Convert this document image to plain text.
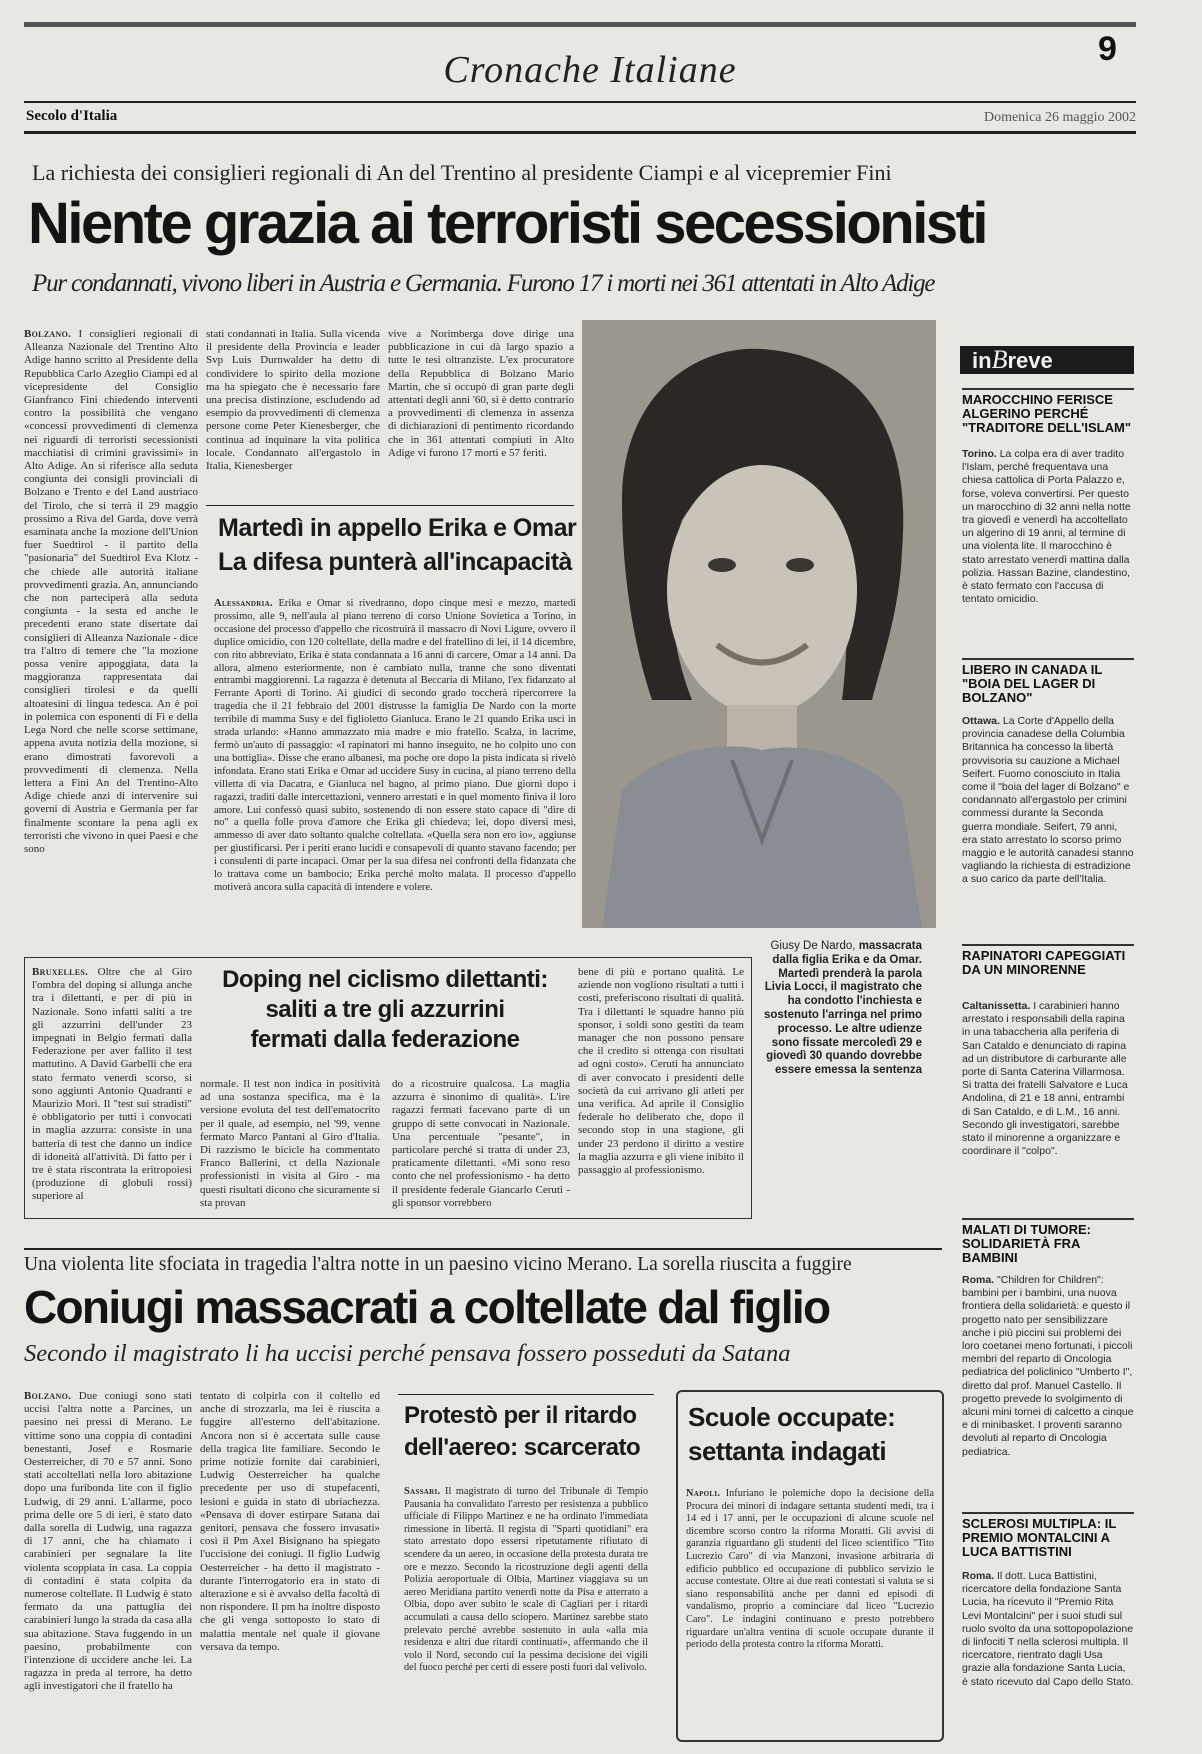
9
Cronache Italiane
Secolo d'Italia	Domenica 26 maggio 2002
La richiesta dei consiglieri regionali di An del Trentino al presidente Ciampi e al vicepremier Fini
Niente grazia ai terroristi secessionisti
Pur condannati, vivono liberi in Austria e Germania. Furono 17 i morti nei 361 attentati in Alto Adige
Bolzano. I consiglieri regionali di Alleanza Nazionale del Trentino Alto Adige hanno scritto al Presidente della Repubblica Carlo Azeglio Ciampi ed al vicepresidente del Consiglio Gianfranco Fini chiedendo interventi contro la possibilità che vengano «concessi provvedimenti di clemenza nei riguardi di terroristi secessionisti macchiatisi di crimini gravissimi» in Alto Adige. An si riferisce alla seduta congiunta dei consigli provinciali di Bolzano e Trento e del Land austriaco del Tirolo, che si terrà il 29 maggio prossimo a Riva del Garda, dove verrà esaminata anche la mozione dell'Union fuer Suedtirol - il partito della "pasionaria" del Suedtirol Eva Klotz - che chiede alle autorità italiane provvedimenti grazia. An, annunciando che non parteciperà alla seduta congiunta - la sesta ed anche le precedenti erano state disertate dai consiglieri di Alleanza Nazionale - dice tra l'altro di temere che "la mozione possa venire appoggiata, data la maggioranza rappresentata dai consiglieri tirolesi e da quelli altoatesini di lingua tedesca. An è poi in polemica con esponenti di Fi e della Lega Nord che nelle scorse settimane, appena avuta notizia della mozione, si erano dimostrati favorevoli a provvedimenti di clemenza. Nella lettera a Fini An del Trentino-Alto Adige chiede anzi di intervenire sui governi di Austria e Germania per far finalmente scontare la pena agli ex terroristi che vivono in quei Paesi e che sono
stati condannati in Italia. Sulla vicenda il presidente della Provincia e leader Svp Luis Durnwalder ha detto di condividere lo spirito della mozione ma ha spiegato che è necessario fare una precisa distinzione, escludendo ad esempio da provvedimenti di clemenza persone come Peter Kienesberger, che continua ad inquinare la vita politica locale. Condannato all'ergastolo in Italia, Kienesberger
vive a Norimberga dove dirige una pubblicazione in cui dà largo spazio a tutte le tesi oltranziste. L'ex procuratore della Repubblica di Bolzano Mario Martin, che si occupò di gran parte degli attentati degli anni '60, si è detto contrario a provvedimenti di clemenza in assenza di dichiarazioni di pentimento ricordando che in 361 attentati compiuti in Alto Adige vi furono 17 morti e 57 feriti.
Martedì in appello Erika e Omar
La difesa punterà all'incapacità
Alessandria. Erika e Omar si rivedranno, dopo cinque mesi e mezzo, martedì prossimo, alle 9, nell'aula al piano terreno di corso Unione Sovietica a Torino, in occasione del processo d'appello che ricostruirà il massacro di Novi Ligure, ovvero il duplice omicidio, con 120 coltellate, della madre e del fratellino di lei, il 14 dicembre, con rito abbreviato, Erika è stata condannata a 16 anni di carcere, Omar a 14 anni. Da allora, almeno esteriormente, non è cambiato nulla, tranne che sono diventati entrambi maggiorenni. La ragazza è detenuta al Beccaria di Milano, l'ex fidanzato al Ferrante Aporti di Torino. Ai giudici di secondo grado toccherà ripercorrere la tragedia che il 21 febbraio del 2001 distrusse la famiglia De Nardo con la morte terribile di mamma Susy e del figlioletto Gianluca. Erano le 21 quando Erika uscì in strada urlando: «Hanno ammazzato mia madre e mio fratello. Scalza, in lacrime, fermò un'auto di passaggio: «I rapinatori mi hanno inseguito, ne ho colpito uno con una bottiglia». Disse che erano albanesi, ma poche ore dopo la pista indicata si rivelò infondata. Erano stati Erika e Omar ad uccidere Susy in cucina, al piano terreno della villetta di via Dacatra, e Gianluca nel bagno, al primo piano. Due giorni dopo i ragazzi, traditi dalle intercettazioni, vennero arrestati e in quel momento finiva il loro amore. Lui confessò quasi subito, sostenendo di non essere stato capace di "dire di no" a quella folle prova d'amore che Erika gli chiedeva; lei, dopo diversi mesi, ammesso di aver dato soltanto qualche coltellata. «Quella sera non ero io», aggiunse per giustificarsi. Per i periti erano lucidi e consapevoli di quanto stavano facendo; per i consulenti di parte incapaci. Omar per la sua difesa nei confronti della fidanzata che lo trattava come un bambocio; Erika perché molto malata. Il processo d'appello motiverà ancora sulla capacità di intendere e volere.
inBreve
MAROCCHINO FERISCE ALGERINO PERCHÉ "TRADITORE DELL'ISLAM"
Torino. La colpa era di aver tradito l'Islam, perché frequentava una chiesa cattolica di Porta Palazzo e, forse, voleva convertirsi. Per questo un marocchino di 32 anni nella notte tra giovedì e venerdì ha accoltellato un algerino di 19 anni, al termine di una violenta lite. Il marocchino è stato arrestato venerdì mattina dalla polizia. Hassan Bazine, clandestino, è stato fermato con l'accusa di tentato omicidio.
LIBERO IN CANADA IL "BOIA DEL LAGER DI BOLZANO"
Ottawa. La Corte d'Appello della provincia canadese della Columbia Britannica ha concesso la libertà provvisoria su cauzione a Michael Seifert. Fuomo conosciuto in Italia come il "boia del lager di Bolzano" e condannato all'ergastolo per crimini commessi durante la Seconda guerra mondiale. Seifert, 79 anni, era stato arrestato lo scorso primo maggio e le autorità canadesi stanno vagliando la richiesta di estradizione a suo carico da parte dell'Italia.
RAPINATORI CAPEGGIATI DA UN MINORENNE
Caltanissetta. I carabinieri hanno arrestato i responsabili della rapina in una tabaccheria alla periferia di San Cataldo e denunciato di rapina ad un distributore di carburante alle porte di Santa Caterina Villarmosa. Si tratta dei fratelli Salvatore e Luca Andolina, di 21 e 18 anni, entrambi di San Cataldo, e di L.M., 16 anni. Secondo gli investigatori, sarebbe stato il minorenne a organizzare e coordinare il "colpo".
MALATI DI TUMORE: SOLIDARIETÀ FRA BAMBINI
Roma. "Children for Children": bambini per i bambini, una nuova frontiera della solidarietà: e questo il progetto nato per sensibilizzare anche i più piccini sui problemi dei loro coetanei meno fortunati, i piccoli membri del reparto di Oncologia pediatrica del policlinico "Umberto I", diretto dal prof. Manuel Castello. Il progetto prevede lo svolgimento di alcuni mini tornei di calcetto a cinque e di minibasket. I proventi saranno devoluti al reparto di Oncologia pediatrica.
SCLEROSI MULTIPLA: IL PREMIO MONTALCINI A LUCA BATTISTINI
Roma. Il dott. Luca Battistini, ricercatore della fondazione Santa Lucia, ha ricevuto il "Premio Rita Levi Montalcini" per i suoi studi sul ruolo svolto da una sottopopolazione di linfociti T nella sclerosi multipla. Il ricercatore, rientrato dagli Usa grazie alla fondazione Santa Lucia, è stato ricevuto dal Capo dello Stato.
Bruxelles. Oltre che al Giro l'ombra del doping si allunga anche tra i dilettanti, e per di più in Nazionale. Sono infatti saliti a tre gli azzurrini dell'under 23 impegnati in Belgio fermati dalla Federazione per aver fallito il test mattutino. A David Garbelli che era stato fermato venerdì scorso, si sono aggiunti Antonio Quadranti e Maurizio Mori. Il "test sui stradisti" è obbligatorio per tutti i convocati in maglia azzurra: consiste in una batteria di test che danno un indice di idoneità all'attività. Di fatto per i tre è stata riscontrata la eritropoiesi (produzione di globuli rossi) superiore al
Doping nel ciclismo dilettanti:
saliti a tre gli azzurrini
fermati dalla federazione
normale. Il test non indica in positività ad una sostanza specifica, ma è la versione evoluta del test dell'ematocrito per il quale, ad esempio, nel '99, venne fermato Marco Pantani al Giro d'Italia. Di razzismo le bicicle ha commentato Franco Ballerini, ct della Nazionale professionisti in visita al Giro - ma questi risultati dicono che sicuramente si sta provan
do a ricostruire qualcosa. La maglia azzurra è sinonimo di qualità». L'ire ragazzi fermati facevano parte di un gruppo di sette convocati in Nazionale. Una percentuale "pesante", in particolare perché si tratta di under 23, praticamente dilettanti. «Mi sono reso conto che nel professionismo - ha detto il presidente federale Giancarlo Ceruti - gli sponsor vorrebbero
bene di più e portano qualità. Le aziende non vogliono risultati a tutti i costi, preferiscono risultati di qualità. Tra i dilettanti le squadre hanno più sponsor, i soldi sono gestiti da team manager che non possono pensare che il credito si ottenga con risultati ad ogni costo». Ceruti ha annunciato di aver convocato i presidenti delle società da cui arrivano gli atleti per una verifica. Ad aprile il Consiglio federale ho deliberato che, dopo il secondo stop in una stagione, gli under 23 perdono il diritto a vestire la maglia azzurra e gli viene inibito il passaggio al professionismo.
Giusy De Nardo, massacrata dalla figlia Erika e da Omar. Martedì prenderà la parola Livia Locci, il magistrato che ha condotto l'inchiesta e sostenuto l'arringa nel primo processo. Le altre udienze sono fissate mercoledì 29 e giovedì 30 quando dovrebbe essere emessa la sentenza
Una violenta lite sfociata in tragedia l'altra notte in un paesino vicino Merano. La sorella riuscita a fuggire
Coniugi massacrati a coltellate dal figlio
Secondo il magistrato li ha uccisi perché pensava fossero posseduti da Satana
Bolzano. Due coniugi sono stati uccisi l'altra notte a Parcines, un paesino nei pressi di Merano. Le vittime sono una coppia di contadini benestanti, Josef e Rosmarie Oesterreicher, di 70 e 57 anni. Sono stati accoltellati nella loro abitazione dopo una furibonda lite con il figlio Ludwig, di 29 anni. L'allarme, poco prima delle ore 5 di ieri, è stato dato dalla sorella di Ludwig, una ragazza di 17 anni, che ha chiamato i carabinieri per segnalare la lite violenta scoppiata in casa. La coppia di contadini è stata colpita da numerose coltellate. Il Ludwig è stato fermato da una pattuglia dei carabinieri lungo la strada da casa alla sua abitazione. Stava fuggendo in un paesino, probabilmente con l'intenzione di uccidere anche lei. La ragazza in preda al terrore, ha detto agli investigatori che il fratello ha
tentato di colpirla con il coltello ed anche di strozzarla, ma lei è riuscita a fuggire all'esterno dell'abitazione. Ancora non si è accertata sulle cause della tragica lite familiare. Secondo le prime notizie fornite dai carabinieri, Ludwig Oesterreicher ha qualche precedente per uso di stupefacenti, lesioni e guida in stato di ubriachezza. «Pensava di dover estirpare Satana dai genitori, pensava che fossero invasati» così il Pm Axel Bisignano ha spiegato l'uccisione dei coniugi. Il figlio Ludwig Oesterreicher - ha detto il magistrato - durante l'interrogatorio era in stato di alterazione e si è avvalso della facoltà di non rispondere. Il pm ha inoltre disposto che gli venga sottoposto lo stato di malattia mentale nel quale il giovane versava da tempo.
Protestò per il ritardo
dell'aereo: scarcerato
Sassari. Il magistrato di turno del Tribunale di Tempio Pausania ha convalidato l'arresto per resistenza a pubblico ufficiale di Filippo Martinez e ne ha ordinato l'immediata rimessione in libertà. Il regista di "Sparti quotidiani" era stato arrestato dopo essersi ripetutamente rifiutato di scendere da un aereo, in occasione della protesta durata tre ore e mezzo. Secondo la ricostruzione degli agenti della Polizia aeroportuale di Olbia, Martinez viaggiava su un aereo Meridiana partito venerdì notte da Pisa e atterrato a Olbia, dopo aver subito le scale di Cagliari per i ritardi accumulati a causa dello sciopero. Martinez sarebbe stato prelevato perché avrebbe sostenuto in aula «alla mia residenza e altri due ritardi continuati», affermando che il volo il Nord, secondo cui la pessima decisione dei vigili del fuoco perché per certi di essere posti fuori dal velivolo.
Scuole occupate:
settanta indagati
Napoli. Infuriano le polemiche dopo la decisione della Procura dei minori di indagare settanta studenti medi, tra i 14 ed i 17 anni, per le occupazioni di alcune scuole nel dicembre scorso contro la riforma Moratti. Gli avvisi di garanzia riguardano gli studenti del liceo scientifico "Tito Lucrezio Caro" di via Manzoni, invasione arbitraria di edificio pubblico ed occupazione di pubblico servizio le accuse contestate. Oltre ai due reati contestati si valuta se si siano responsabilità anche per danni ed episodi di vandalismo, proprio a cominciare dal liceo "Lucrezio Caro". Le indagini continuano e presto potrebbero riguardare un'altra ventina di scuole occupate durante il periodo della protesta contro la riforma Moratti.
